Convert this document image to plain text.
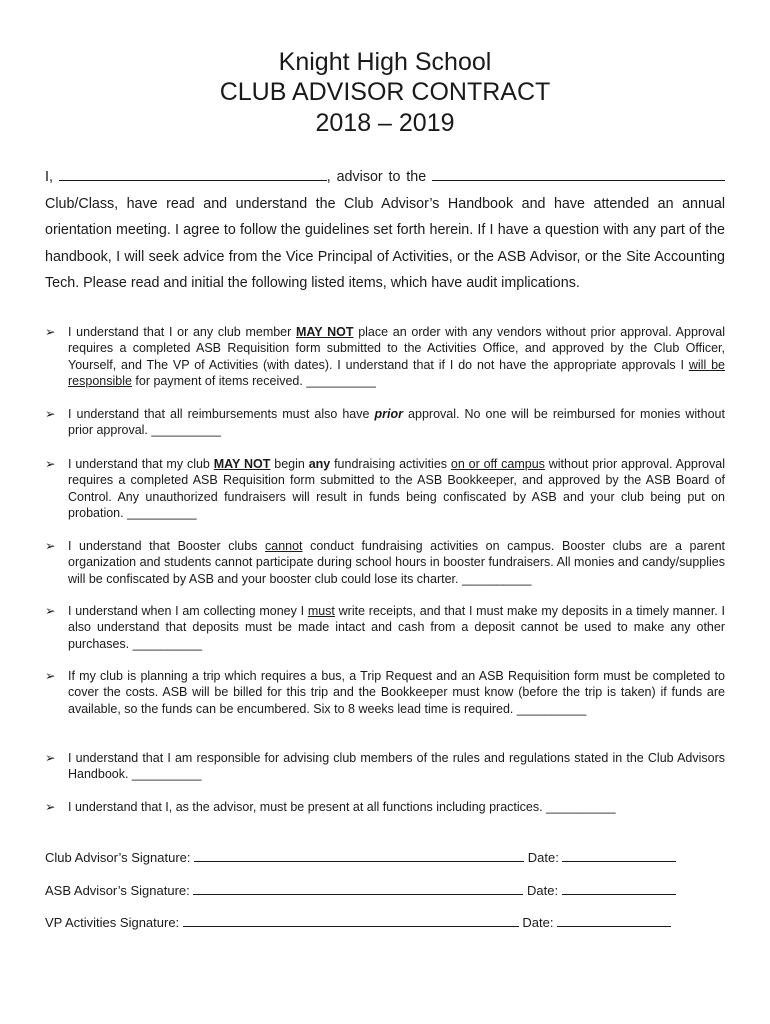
Knight High School
CLUB ADVISOR CONTRACT
2018 – 2019
I,	, advisor to the  Club/Class, have read and understand the Club Advisor’s Handbook and have attended an annual orientation meeting. I agree to follow the guidelines set forth herein. If I have a question with any part of the handbook, I will seek advice from the Vice Principal of Activities, or the ASB Advisor, or the Site Accounting Tech. Please read and initial the following listed items, which have audit implications.
➢	I understand that I or any club member MAY NOT place an order with any vendors without prior approval. Approval requires a completed ASB Requisition form submitted to the Activities Office, and approved by the Club Officer, Yourself, and The VP of Activities (with dates). I understand that if I do not have the appropriate approvals I will be responsible for payment of items received. __________
➢	I understand that all reimbursements must also have prior approval. No one will be reimbursed for monies without prior approval. __________
➢	I understand that my club MAY NOT begin any fundraising activities on or off campus without prior approval. Approval requires a completed ASB Requisition form submitted to the ASB Bookkeeper, and approved by the ASB Board of Control. Any unauthorized fundraisers will result in funds being confiscated by ASB and your club being put on probation. __________
➢	I understand that Booster clubs cannot conduct fundraising activities on campus. Booster clubs are a parent organization and students cannot participate during school hours in booster fundraisers. All monies and candy/supplies will be confiscated by ASB and your booster club could lose its charter. __________
➢	I understand when I am collecting money I must write receipts, and that I must make my deposits in a timely manner. I also understand that deposits must be made intact and cash from a deposit cannot be used to make any other purchases. __________
➢	If my club is planning a trip which requires a bus, a Trip Request and an ASB Requisition form must be completed to cover the costs. ASB will be billed for this trip and the Bookkeeper must know (before the trip is taken) if funds are available, so the funds can be encumbered. Six to 8 weeks lead time is required. __________
➢	I understand that I am responsible for advising club members of the rules and regulations stated in the Club Advisors Handbook. __________
➢	I understand that I, as the advisor, must be present at all functions including practices. __________
Club Advisor’s Signature:	Date:
ASB Advisor’s Signature:	Date:
VP Activities Signature:	Date:
